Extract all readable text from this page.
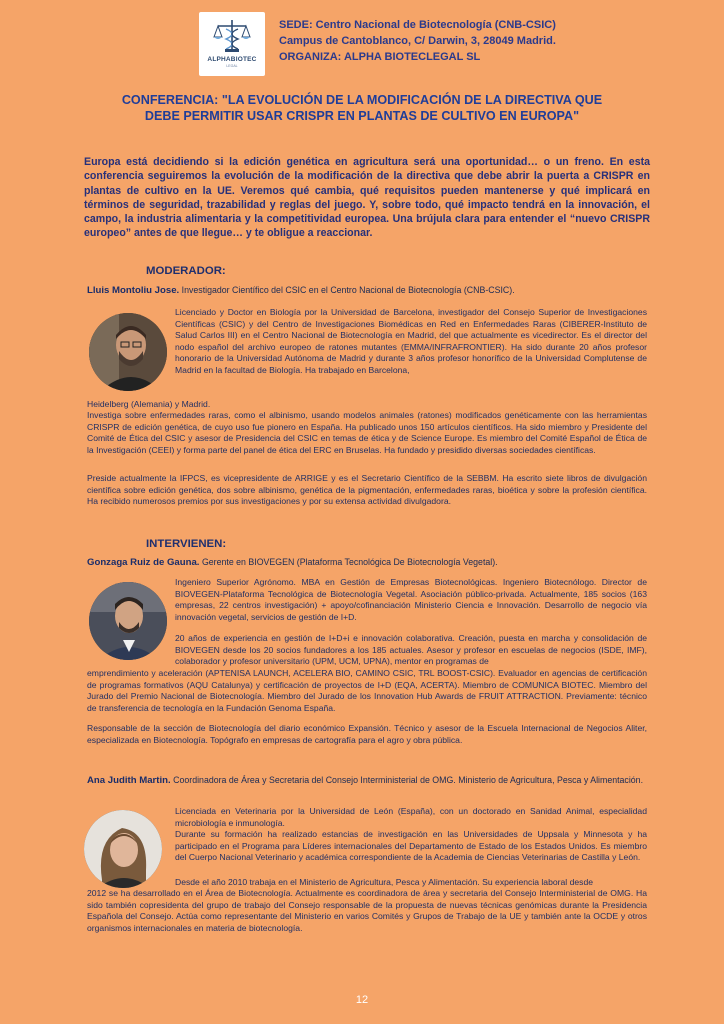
ALPHABIOTEC
LEGAL
SEDE: Centro Nacional de Biotecnología (CNB-CSIC)
Campus de Cantoblanco, C/ Darwin, 3, 28049 Madrid.
ORGANIZA: ALPHA BIOTECLEGAL SL
CONFERENCIA: "LA EVOLUCIÓN DE LA MODIFICACIÓN DE LA DIRECTIVA QUE
DEBE PERMITIR USAR CRISPR EN PLANTAS DE CULTIVO EN EUROPA"
Europa está decidiendo si la edición genética en agricultura será una oportunidad… o un freno. En esta conferencia seguiremos la evolución de la modificación de la directiva que debe abrir la puerta a CRISPR en plantas de cultivo en la UE. Veremos qué cambia, qué requisitos pueden mantenerse y qué implicará en términos de seguridad, trazabilidad y reglas del juego. Y, sobre todo, qué impacto tendrá en la innovación, el campo, la industria alimentaria y la competitividad europea. Una brújula clara para entender el “nuevo CRISPR europeo” antes de que llegue… y te obligue a reaccionar.
MODERADOR:
Lluis Montoliu Jose. Investigador Científico del CSIC en el Centro Nacional de Biotecnología (CNB-CSIC).
Licenciado y Doctor en Biología por la Universidad de Barcelona, investigador del Consejo Superior de Investigaciones Científicas (CSIC) y del Centro de Investigaciones Biomédicas en Red en Enfermedades Raras (CIBERER-Instituto de Salud Carlos III) en el Centro Nacional de Biotecnología en Madrid, del que actualmente es vicedirector. Es el director del nodo español del archivo europeo de ratones mutantes (EMMA/INFRAFRONTIER). Ha sido durante 20 años profesor honorario de la Universidad Autónoma de Madrid y durante 3 años profesor honorífico de la Universidad Complutense de Madrid en la facultad de Biología. Ha trabajado en Barcelona,
Heidelberg (Alemania) y Madrid.
Investiga sobre enfermedades raras, como el albinismo, usando modelos animales (ratones) modificados genéticamente con las herramientas CRISPR de edición genética, de cuyo uso fue pionero en España. Ha publicado unos 150 artículos científicos. Ha sido miembro y Presidente del Comité de Ética del CSIC y asesor de Presidencia del CSIC en temas de ética y de Science Europe. Es miembro del Comité Español de Ética de la Investigación (CEEI) y forma parte del panel de ética del ERC en Bruselas. Ha fundado y presidido diversas sociedades científicas.
Preside actualmente la IFPCS, es vicepresidente de ARRIGE y es el Secretario Científico de la SEBBM. Ha escrito siete libros de divulgación científica sobre edición genética, dos sobre albinismo, genética de la pigmentación, enfermedades raras, bioética y sobre la profesión científica. Ha recibido numerosos premios por sus investigaciones y por su extensa actividad divulgadora.
INTERVIENEN:
Gonzaga Ruiz de Gauna. Gerente en BIOVEGEN (Plataforma Tecnológica De Biotecnología Vegetal).
Ingeniero Superior Agrónomo. MBA en Gestión de Empresas Biotecnológicas. Ingeniero Biotecnólogo. Director de BIOVEGEN-Plataforma Tecnológica de Biotecnología Vegetal. Asociación público-privada. Actualmente, 185 socios (163 empresas, 22 centros investigación) + apoyo/cofinanciación Ministerio Ciencia e Innovación. Desarrollo de negocio vía innovación vegetal, servicios de gestión de I+D.
20 años de experiencia en gestión de I+D+i e innovación colaborativa. Creación, puesta en marcha y consolidación de BIOVEGEN desde los 20 socios fundadores a los 185 actuales. Asesor y profesor en escuelas de negocios (ISDE, IMF), colaborador y profesor universitario (UPM, UCM, UPNA), mentor en programas de
emprendimiento y aceleración (APTENISA LAUNCH, ACELERA BIO, CAMINO CSIC, TRL BOOST-CSIC). Evaluador en agencias de certificación de programas formativos (AQU Catalunya) y certificación de proyectos de I+D (EQA, ACERTA). Miembro de COMUNICA BIOTEC. Miembro del Jurado del Premio Nacional de Biotecnología. Miembro del Jurado de los Innovation Hub Awards de FRUIT ATTRACTION. Previamente: técnico de transferencia de tecnología en la Fundación Genoma España.
Responsable de la sección de Biotecnología del diario económico Expansión. Técnico y asesor de la Escuela Internacional de Negocios Aliter, especializada en Biotecnología. Topógrafo en empresas de cartografía para el agro y obra pública.
Ana Judith Martin. Coordinadora de Área y Secretaria del Consejo Interministerial de OMG. Ministerio de Agricultura, Pesca y Alimentación.
Licenciada en Veterinaria por la Universidad de León (España), con un doctorado en Sanidad Animal, especialidad microbiología e inmunología.
Durante su formación ha realizado estancias de investigación en las Universidades de Uppsala y Minnesota y ha participado en el Programa para Líderes internacionales del Departamento de Estado de los Estados Unidos. Es miembro del Cuerpo Nacional Veterinario y académica correspondiente de la Academia de Ciencias Veterinarias de Castilla y León.
Desde el año 2010 trabaja en el Ministerio de Agricultura, Pesca y Alimentación. Su experiencia laboral desde
2012 se ha desarrollado en el Área de Biotecnología. Actualmente es coordinadora de área y secretaria del Consejo Interministerial de OMG. Ha sido también copresidenta del grupo de trabajo del Consejo responsable de la propuesta de nuevas técnicas genómicas durante la Presidencia Española del Consejo. Actúa como representante del Ministerio en varios Comités y Grupos de Trabajo de la UE y también ante la OCDE y otros organismos internacionales en materia de biotecnología.
12
